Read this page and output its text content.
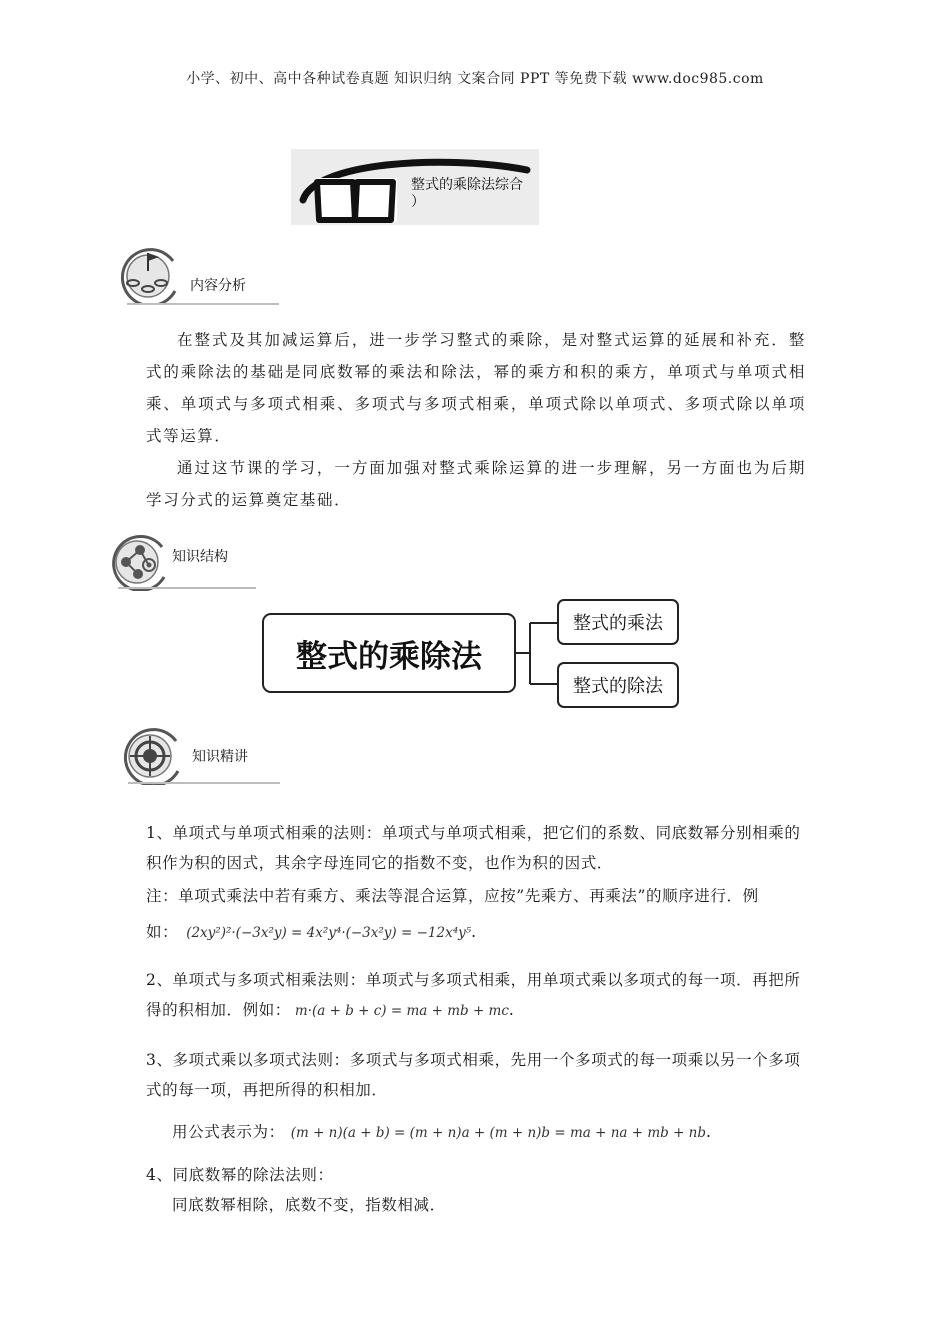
小学、初中、高中各种试卷真题 知识归纳 文案合同 PPT 等免费下载 www.doc985.com
整式的乘除法综合
）
内容分析

在整式及其加减运算后，进一步学习整式的乘除，是对整式运算的延展和补充．整式的乘除法的基础是同底数幂的乘法和除法，幂的乘方和积的乘方，单项式与单项式相乘、单项式与多项式相乘、多项式与多项式相乘，单项式除以单项式、多项式除以单项式等运算．

通过这节课的学习，一方面加强对整式乘除运算的进一步理解，另一方面也为后期学习分式的运算奠定基础．

知识结构
整式的乘除法
整式的乘法
整式的除法
知识精讲

1、单项式与单项式相乘的法则：单项式与单项式相乘，把它们的系数、同底数幂分别相乘的积作为积的因式，其余字母连同它的指数不变，也作为积的因式．

注：单项式乘法中若有乘方、乘法等混合运算，应按”先乘方、再乘法”的顺序进行．例

如： (2xy²)²·(−3x²y) = 4x²y⁴·(−3x²y) = −12x⁴y⁵.

2、单项式与多项式相乘法则：单项式与多项式相乘，用单项式乘以多项式的每一项．再把所得的积相加．例如： m·(a + b + c) = ma + mb + mc.

3、多项式乘以多项式法则：多项式与多项式相乘，先用一个多项式的每一项乘以另一个多项式的每一项，再把所得的积相加．

用公式表示为： (m + n)(a + b) = (m + n)a + (m + n)b = ma + na + mb + nb.

4、同底数幂的除法法则：

同底数幂相除，底数不变，指数相减．
